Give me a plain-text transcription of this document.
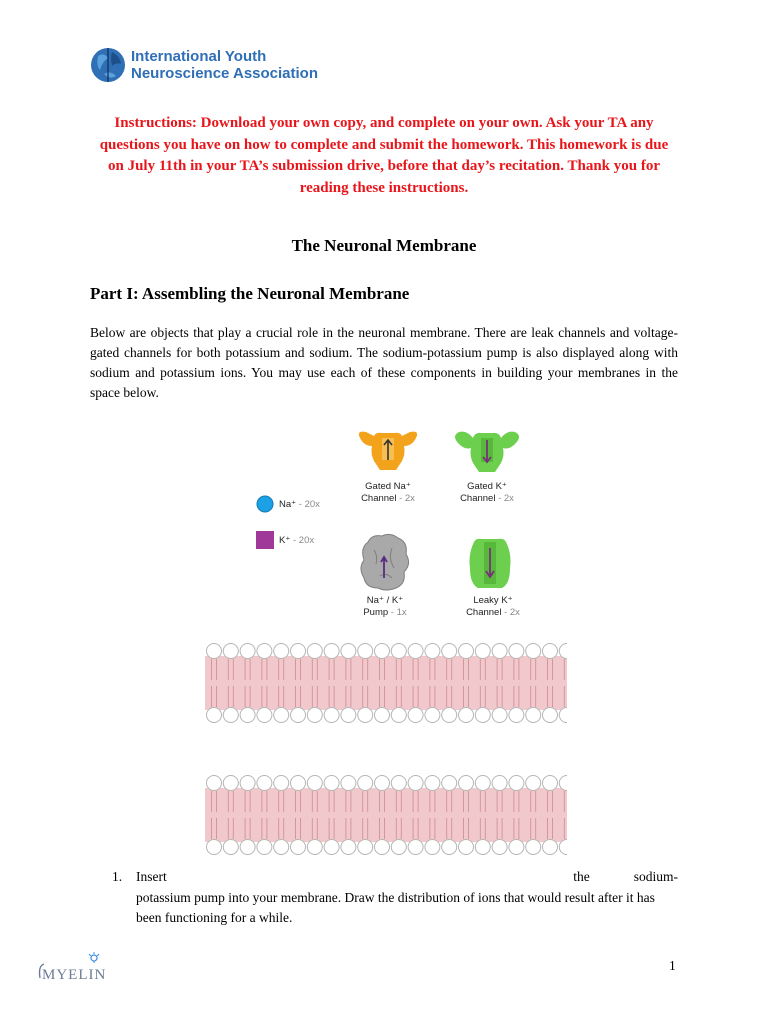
International Youth
Neuroscience Association
Instructions: Download your own copy, and complete on your own. Ask your TA any questions you have on how to complete and submit the homework. This homework is due on July 11th in your TA’s submission drive, before that day’s recitation. Thank you for reading these instructions.
The Neuronal Membrane
Part I: Assembling the Neuronal Membrane
Below are objects that play a crucial role in the neuronal membrane. There are leak channels and voltage-gated channels for both potassium and sodium. The sodium-potassium pump is also displayed along with sodium and potassium ions. You may use each of these components in building your membranes in the space below.
Na⁺ - 20x
K⁺ - 20x
Gated Na⁺
Channel - 2x
Gated K⁺
Channel - 2x
Na⁺ / K⁺
Pump - 1x
Leaky K⁺
Channel - 2x
1. Insert	the	sodium-
potassium pump into your membrane. Draw the distribution of ions that would result after it has been functioning for a while.
MYELIN
1
